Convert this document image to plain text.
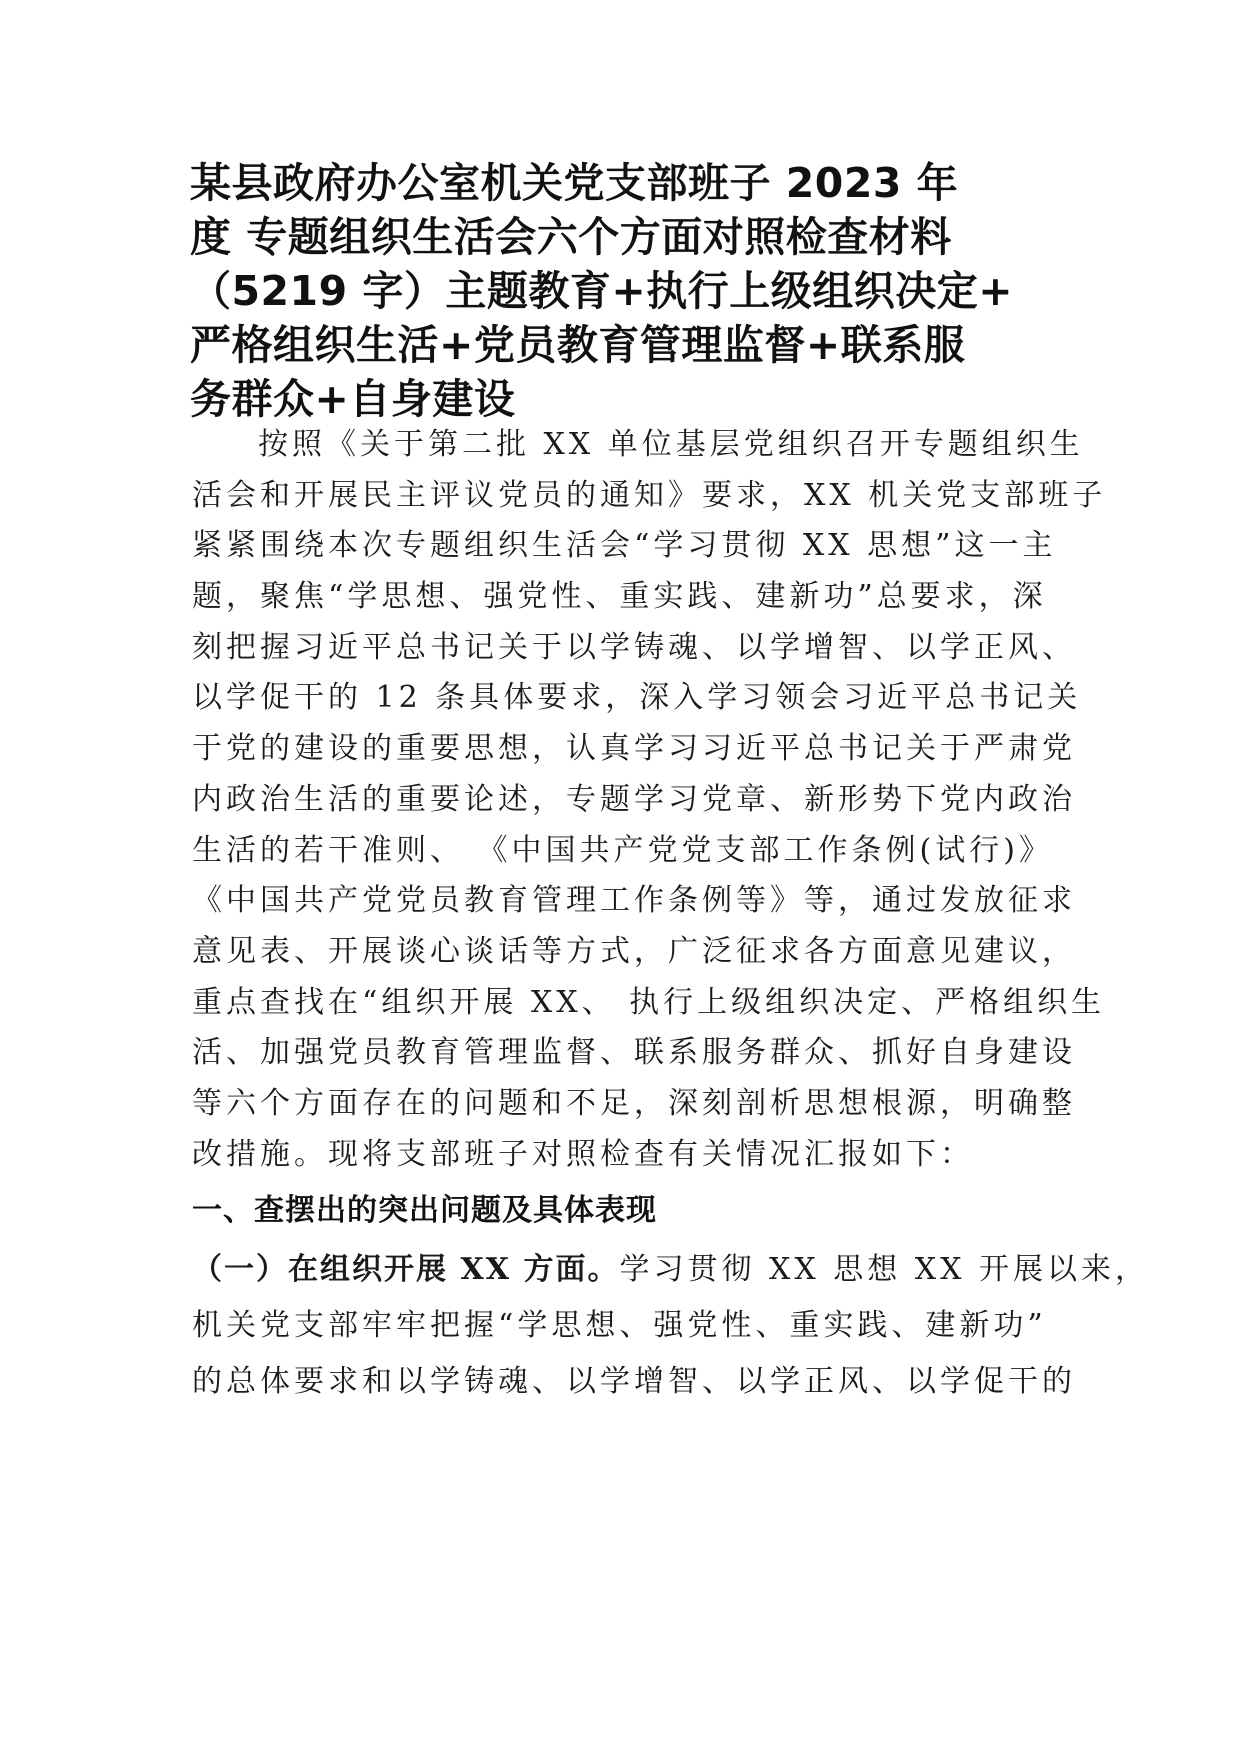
某县政府办公室机关党支部班子 2023 年
度 专题组织生活会六个方面对照检查材料
（5219 字）主题教育+执行上级组织决定+
严格组织生活+党员教育管理监督+联系服
务群众+自身建设
按照《关于第二批 XX 单位基层党组织召开专题组织生
活会和开展民主评议党员的通知》要求，XX 机关党支部班子
紧紧围绕本次专题组织生活会“学习贯彻 XX 思想”这一主
题，聚焦“学思想、强党性、重实践、建新功”总要求，深
刻把握习近平总书记关于以学铸魂、以学增智、以学正风、
以学促干的 12 条具体要求，深入学习领会习近平总书记关
于党的建设的重要思想，认真学习习近平总书记关于严肃党
内政治生活的重要论述，专题学习党章、新形势下党内政治
生活的若干准则、 《中国共产党党支部工作条例(试行)》
《中国共产党党员教育管理工作条例等》等，通过发放征求
意见表、开展谈心谈话等方式，广泛征求各方面意见建议，
重点查找在“组织开展 XX、 执行上级组织决定、严格组织生
活、加强党员教育管理监督、联系服务群众、抓好自身建设
等六个方面存在的问题和不足，深刻剖析思想根源，明确整
改措施。现将支部班子对照检查有关情况汇报如下：
一、查摆出的突出问题及具体表现
（一）在组织开展 XX 方面。学习贯彻 XX 思想 XX 开展以来，
机关党支部牢牢把握“学思想、强党性、重实践、建新功”
的总体要求和以学铸魂、以学增智、以学正风、以学促干的
